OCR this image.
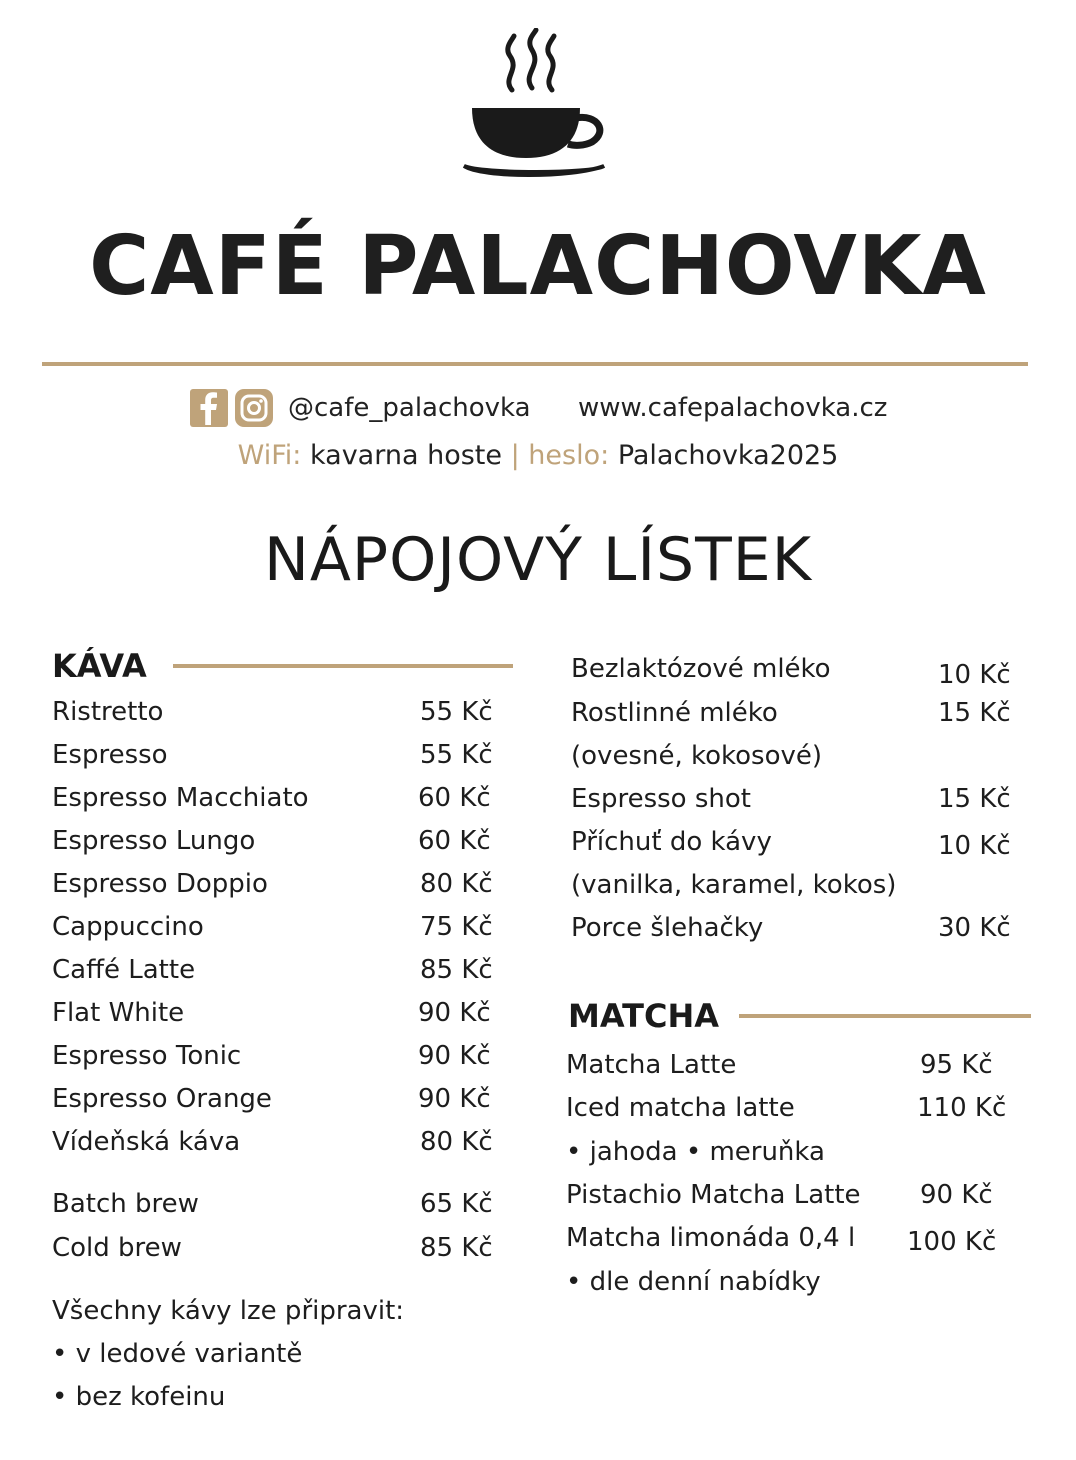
CAFÉ PALACHOVKA
@cafe_palachovka www.cafepalachovka.cz
WiFi: kavarna hoste | heslo: Palachovka2025
NÁPOJOVÝ LÍSTEK
KÁVA
Ristretto	55 Kč
Espresso	55 Kč
Espresso Macchiato	60 Kč
Espresso Lungo	60 Kč
Espresso Doppio	80 Kč
Cappuccino	75 Kč
Caffé Latte	85 Kč
Flat White	90 Kč
Espresso Tonic	90 Kč
Espresso Orange	90 Kč
Vídeňská káva	80 Kč
Batch brew	65 Kč
Cold brew	85 Kč
Všechny kávy lze připravit:
• v ledové variantě
• bez kofeinu
Bezlaktózové mléko	10 Kč
Rostlinné mléko	15 Kč
(ovesné, kokosové)
Espresso shot	15 Kč
Příchuť do kávy	10 Kč
(vanilka, karamel, kokos)
Porce šlehačky	30 Kč
MATCHA
Matcha Latte	95 Kč
Iced matcha latte	110 Kč
• jahoda • meruňka
Pistachio Matcha Latte 90 Kč
Matcha limonáda 0,4 l 100 Kč
• dle denní nabídky
